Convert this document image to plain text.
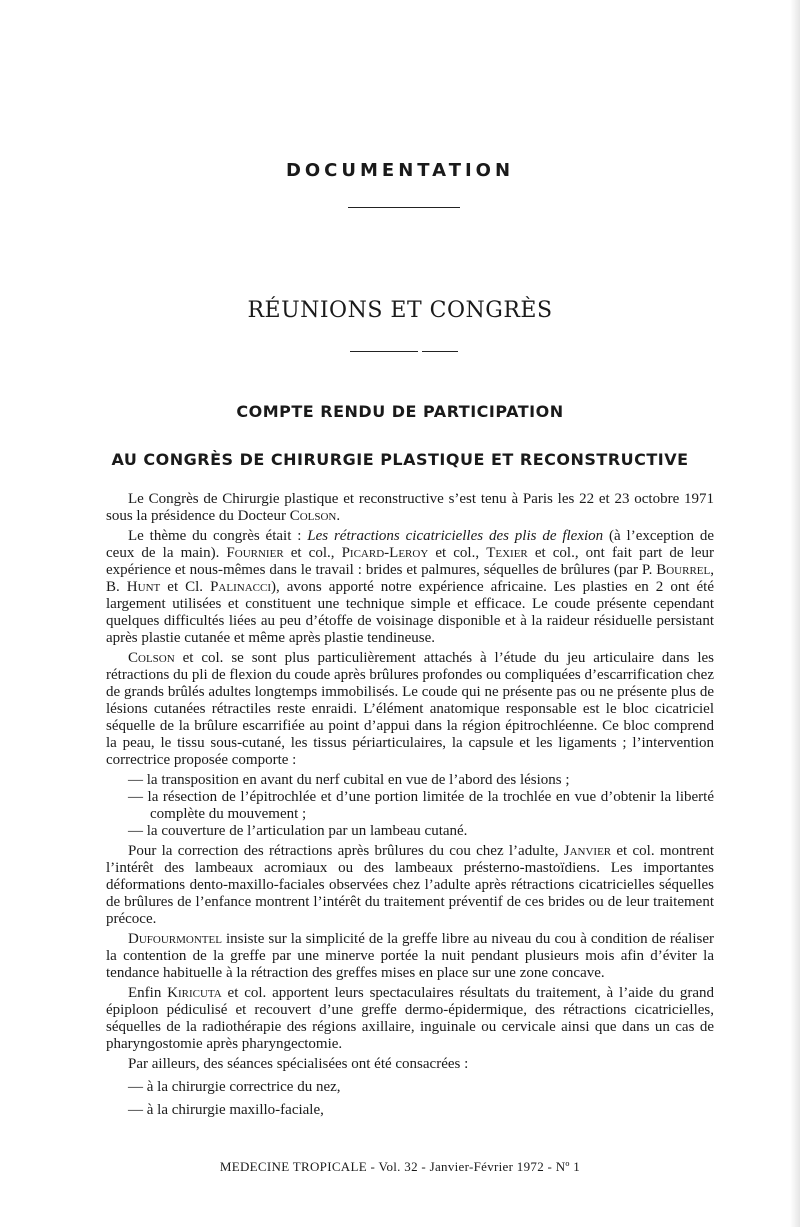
DOCUMENTATION
RÉUNIONS ET CONGRÈS
COMPTE RENDU DE PARTICIPATION
AU CONGRÈS DE CHIRURGIE PLASTIQUE ET RECONSTRUCTIVE

Le Congrès de Chirurgie plastique et reconstructive s’est tenu à Paris les 22 et 23 octobre 1971 sous la présidence du Docteur Colson.

Le thème du congrès était : Les rétractions cicatricielles des plis de flexion (à l’exception de ceux de la main). Fournier et col., Picard-Leroy et col., Texier et col., ont fait part de leur expérience et nous-mêmes dans le travail : brides et palmures, séquelles de brûlures (par P. Bourrel, B. Hunt et Cl. Palinacci), avons apporté notre expérience africaine. Les plasties en 2 ont été largement utilisées et constituent une technique simple et efficace. Le coude présente cependant quelques difficultés liées au peu d’étoffe de voisinage disponible et à la raideur résiduelle persistant après plastie cutanée et même après plastie tendineuse.

Colson et col. se sont plus particulièrement attachés à l’étude du jeu articulaire dans les rétractions du pli de flexion du coude après brûlures profondes ou compliquées d’escarrification chez de grands brûlés adultes longtemps immobilisés. Le coude qui ne présente pas ou ne présente plus de lésions cutanées rétractiles reste enraidi. L’élément anatomique responsable est le bloc cicatriciel séquelle de la brûlure escarrifiée au point d’appui dans la région épitrochléenne. Ce bloc comprend la peau, le tissu sous-cutané, les tissus périarticulaires, la capsule et les ligaments ; l’intervention correctrice proposée comporte :

— la transposition en avant du nerf cubital en vue de l’abord des lésions ;

— la résection de l’épitrochlée et d’une portion limitée de la trochlée en vue d’obtenir la liberté complète du mouvement ;

— la couverture de l’articulation par un lambeau cutané.

Pour la correction des rétractions après brûlures du cou chez l’adulte, Janvier et col. montrent l’intérêt des lambeaux acromiaux ou des lambeaux présterno-mastoïdiens. Les importantes déformations dento-maxillo-faciales observées chez l’adulte après rétractions cicatricielles séquelles de brûlures de l’enfance montrent l’intérêt du traitement préventif de ces brides ou de leur traitement précoce.

Dufourmontel insiste sur la simplicité de la greffe libre au niveau du cou à condition de réaliser la contention de la greffe par une minerve portée la nuit pendant plusieurs mois afin d’éviter la tendance habituelle à la rétraction des greffes mises en place sur une zone concave.

Enfin Kiricuta et col. apportent leurs spectaculaires résultats du traitement, à l’aide du grand épiploon pédiculisé et recouvert d’une greffe dermo-épidermique, des rétractions cicatricielles, séquelles de la radiothérapie des régions axillaire, inguinale ou cervicale ainsi que dans un cas de pharyngostomie après pharyngectomie.

Par ailleurs, des séances spécialisées ont été consacrées :

— à la chirurgie correctrice du nez,

— à la chirurgie maxillo-faciale,

MEDECINE TROPICALE - Vol. 32 - Janvier-Février 1972 - Nº 1
